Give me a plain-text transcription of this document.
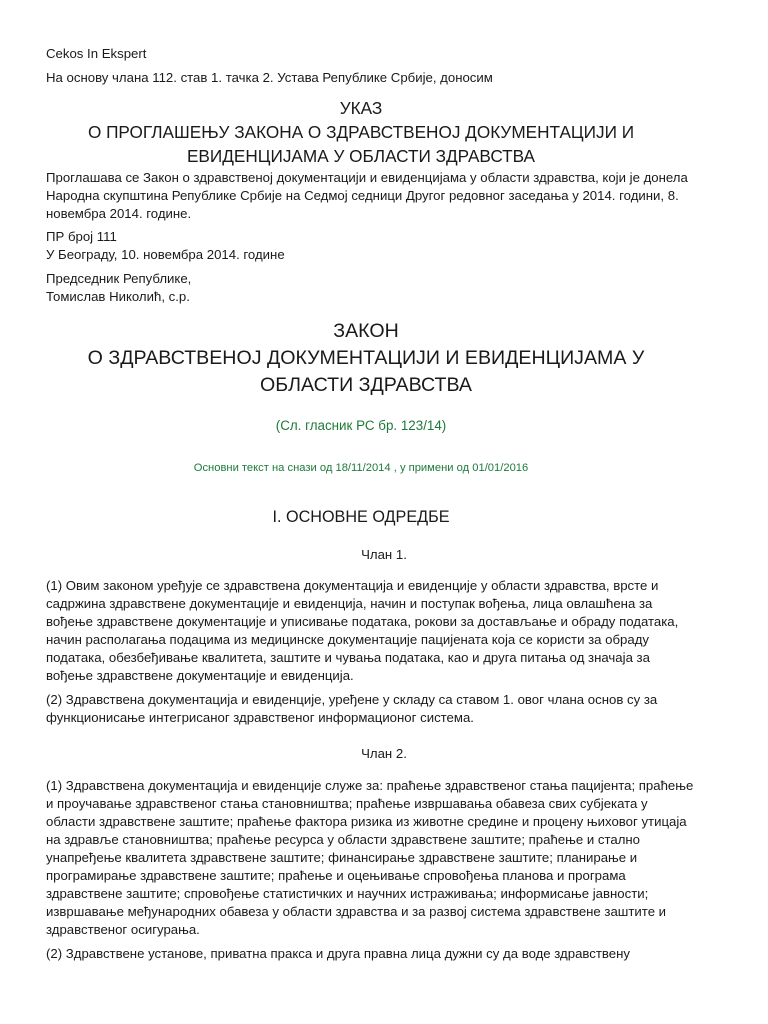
Cekos In Ekspert

На основу члана 112. став 1. тачка 2. Устава Републике Србије, доносим

УКАЗ
О ПРОГЛАШЕЊУ ЗАКОНА О ЗДРАВСТВЕНОЈ ДОКУМЕНТАЦИЈИ И
ЕВИДЕНЦИЈАМА У ОБЛАСТИ ЗДРАВСТВА

Проглашава се Закон о здравственој документацији и евиденцијама у области здравства, који је донела
Народна скупштина Републике Србије на Седмој седници Другог редовног заседања у 2014. години, 8.
новембра 2014. године.

ПР број 111

У Београду, 10. новембра 2014. године

Председник Републике,

Томислав Николић, с.р.

ЗАКОН
О ЗДРАВСТВЕНОЈ ДОКУМЕНТАЦИЈИ И ЕВИДЕНЦИЈАМА У
ОБЛАСТИ ЗДРАВСТВА
(Сл. гласник РС бр. 123/14)
Основни текст на снази од 18/11/2014 , у примени од 01/01/2016
I. ОСНОВНЕ ОДРЕДБЕ

Члан 1.

(1) Овим законом уређује се здравствена документација и евиденције у области здравства, врсте и
садржина здравствене документације и евиденција, начин и поступак вођења, лица овлашћена за
вођење здравствене документације и уписивање података, рокови за достављање и обраду података,
начин располагања подацима из медицинске документације пацијената која се користи за обраду
података, обезбеђивање квалитета, заштите и чувања података, као и друга питања од значаја за
вођење здравствене документације и евиденција.

(2) Здравствена документација и евиденције, уређене у складу са ставом 1. овог члана основ су за
функционисање интегрисаног здравственог информационог система.

Члан 2.

(1) Здравствена документација и евиденције служе за: праћење здравственог стања пацијента; праћење
и проучавање здравственог стања становништва; праћење извршавања обавеза свих субјеката у
области здравствене заштите; праћење фактора ризика из животне средине и процену њиховог утицаја
на здравље становништва; праћење ресурса у области здравствене заштите; праћење и стално
унапређење квалитета здравствене заштите; финансирање здравствене заштите; планирање и
програмирање здравствене заштите; праћење и оцењивање спровођења планова и програма
здравствене заштите; спровођење статистичких и научних истраживања; информисање јавности;
извршавање међународних обавеза у области здравства и за развој система здравствене заштите и
здравственог осигурања.

(2) Здравствене установе, приватна пракса и друга правна лица дужни су да воде здравствену
